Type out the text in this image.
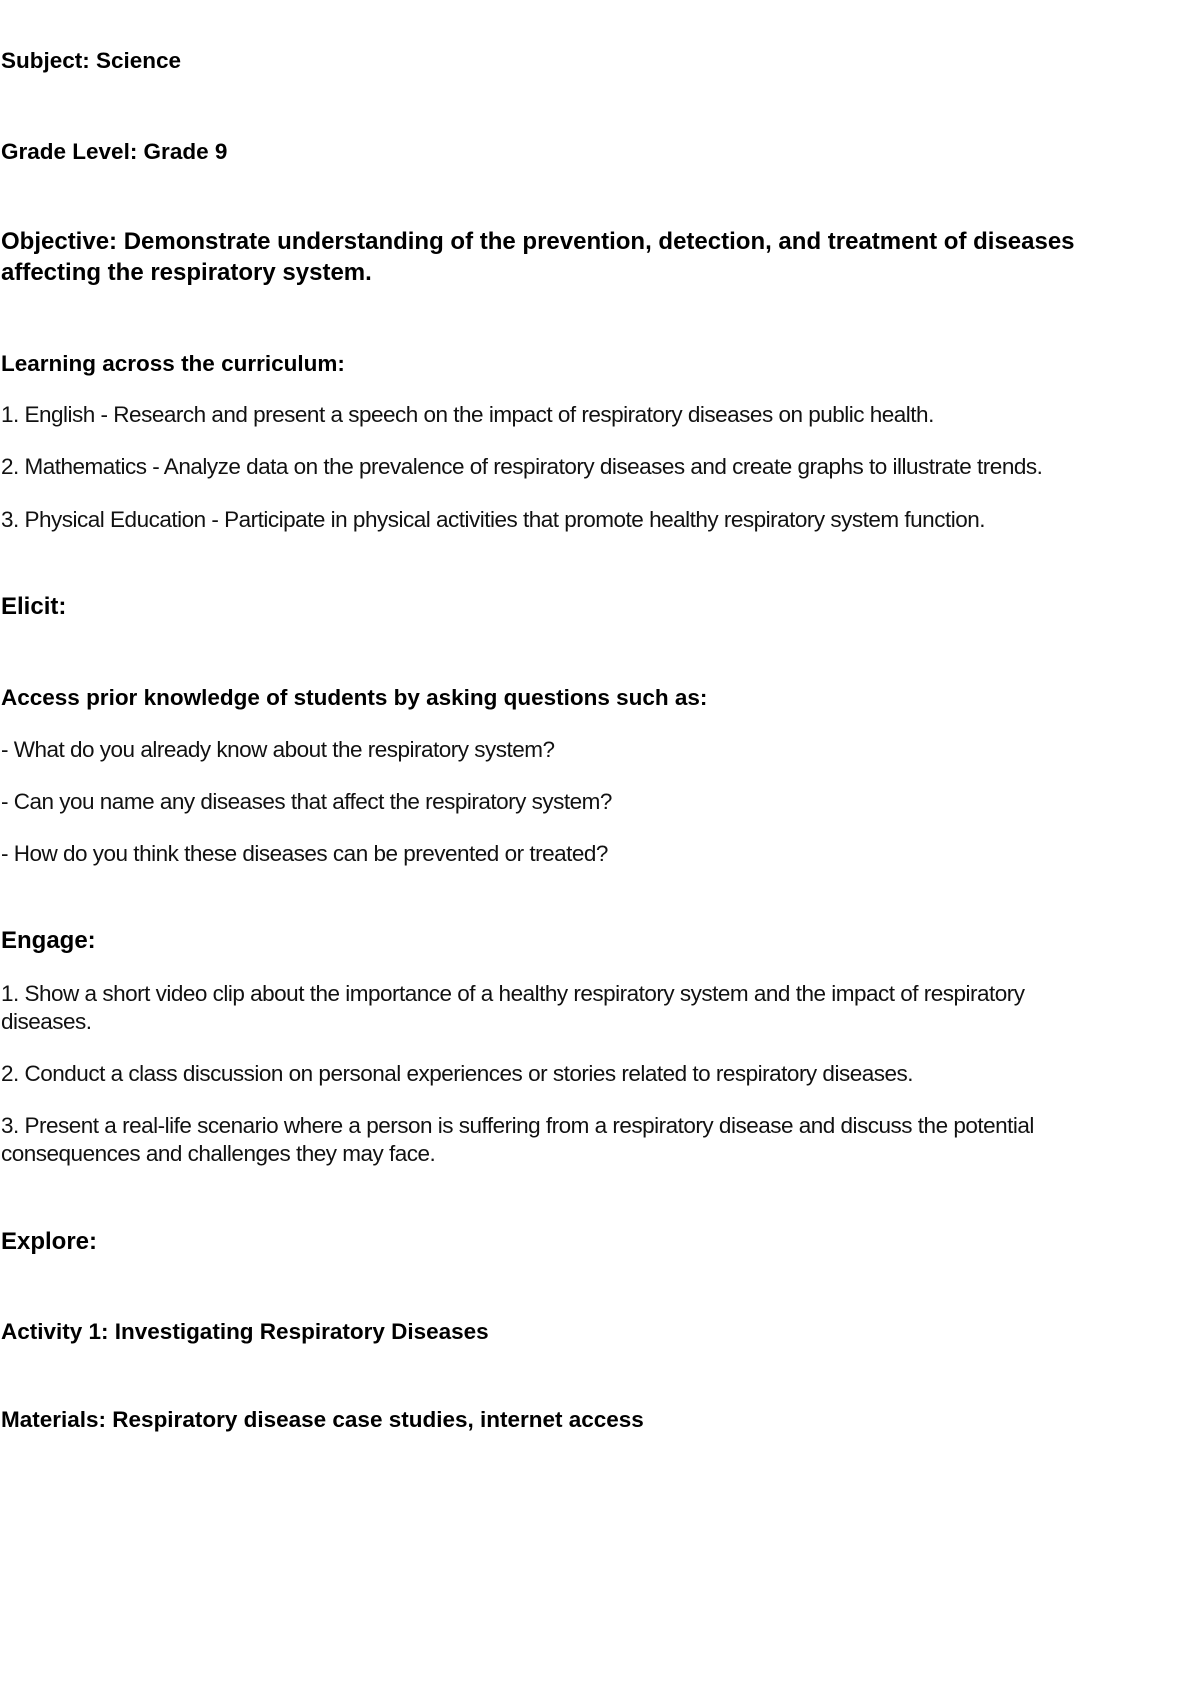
Subject: Science
Grade Level: Grade 9
Objective: Demonstrate understanding of the prevention, detection, and treatment of diseases
affecting the respiratory system.
Learning across the curriculum:
1. English - Research and present a speech on the impact of respiratory diseases on public health.
2. Mathematics - Analyze data on the prevalence of respiratory diseases and create graphs to illustrate trends.
3. Physical Education - Participate in physical activities that promote healthy respiratory system function.
Elicit:
Access prior knowledge of students by asking questions such as:
- What do you already know about the respiratory system?
- Can you name any diseases that affect the respiratory system?
- How do you think these diseases can be prevented or treated?
Engage:
1. Show a short video clip about the importance of a healthy respiratory system and the impact of respiratory
diseases.
2. Conduct a class discussion on personal experiences or stories related to respiratory diseases.
3. Present a real-life scenario where a person is suffering from a respiratory disease and discuss the potential
consequences and challenges they may face.
Explore:
Activity 1: Investigating Respiratory Diseases
Materials: Respiratory disease case studies, internet access
